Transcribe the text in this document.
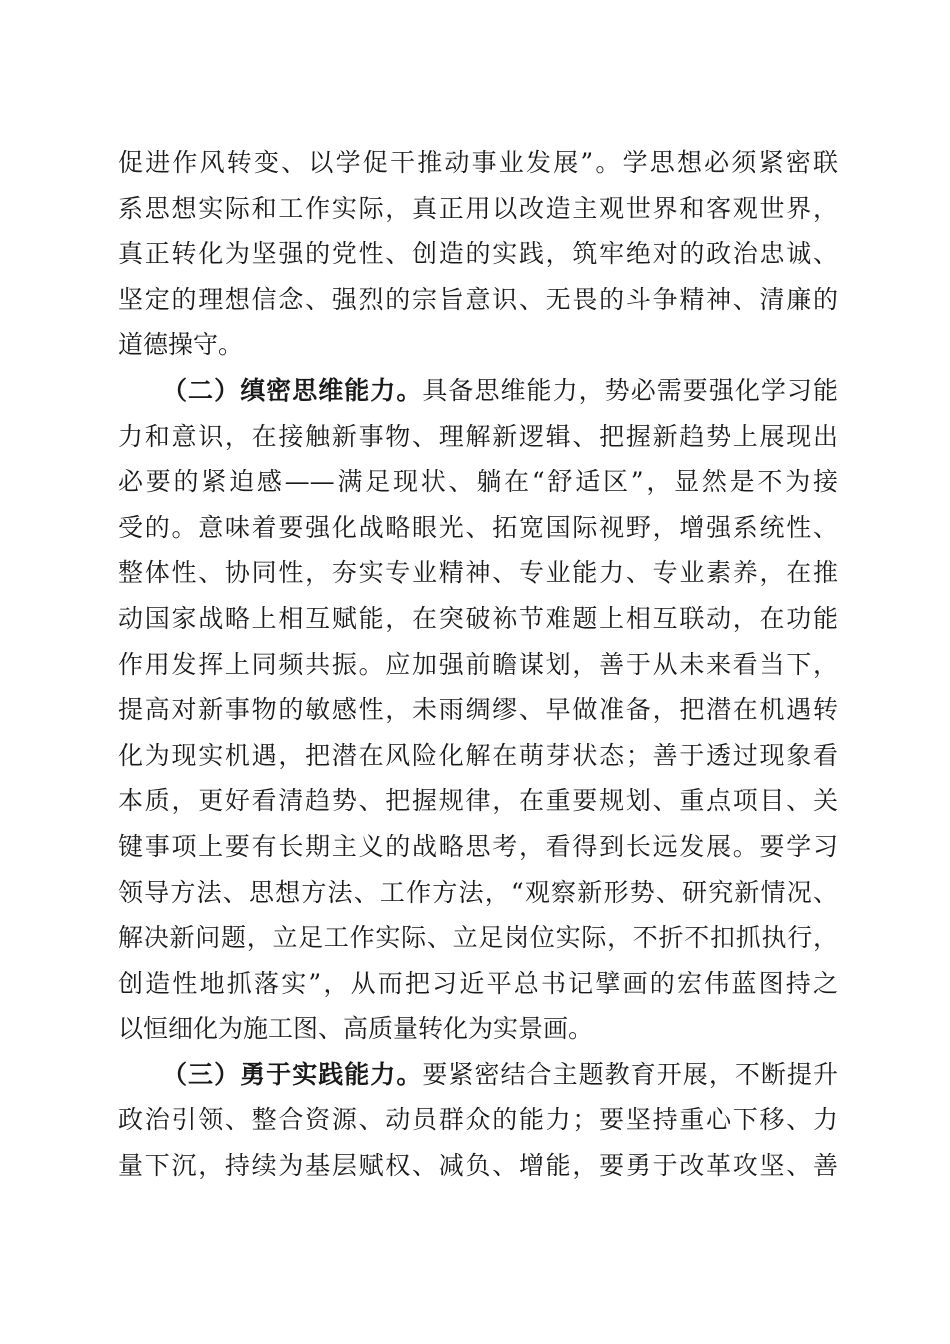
促进作风转变、以学促干推动事业发展”。学思想必须紧密联
系思想实际和工作实际，真正用以改造主观世界和客观世界，
真正转化为坚强的党性、创造的实践，筑牢绝对的政治忠诚、
坚定的理想信念、强烈的宗旨意识、无畏的斗争精神、清廉的
道德操守。
（二）缜密思维能力。具备思维能力，势必需要强化学习能
力和意识，在接触新事物、理解新逻辑、把握新趋势上展现出
必要的紧迫感——满足现状、躺在“舒适区”，显然是不为接
受的。意味着要强化战略眼光、拓宽国际视野，增强系统性、
整体性、协同性，夯实专业精神、专业能力、专业素养，在推
动国家战略上相互赋能，在突破袮节难题上相互联动，在功能
作用发挥上同频共振。应加强前瞻谋划，善于从未来看当下，
提高对新事物的敏感性，未雨绸缪、早做准备，把潜在机遇转
化为现实机遇，把潜在风险化解在萌芽状态；善于透过现象看
本质，更好看清趋势、把握规律，在重要规划、重点项目、关
键事项上要有长期主义的战略思考，看得到长远发展。要学习
领导方法、思想方法、工作方法，“观察新形势、研究新情况、
解决新问题，立足工作实际、立足岗位实际，不折不扣抓执行，
创造性地抓落实”，从而把习近平总书记擘画的宏伟蓝图持之
以恒细化为施工图、高质量转化为实景画。
（三）勇于实践能力。要紧密结合主题教育开展，不断提升
政治引领、整合资源、动员群众的能力；要坚持重心下移、力
量下沉，持续为基层赋权、减负、增能，要勇于改革攻坚、善
